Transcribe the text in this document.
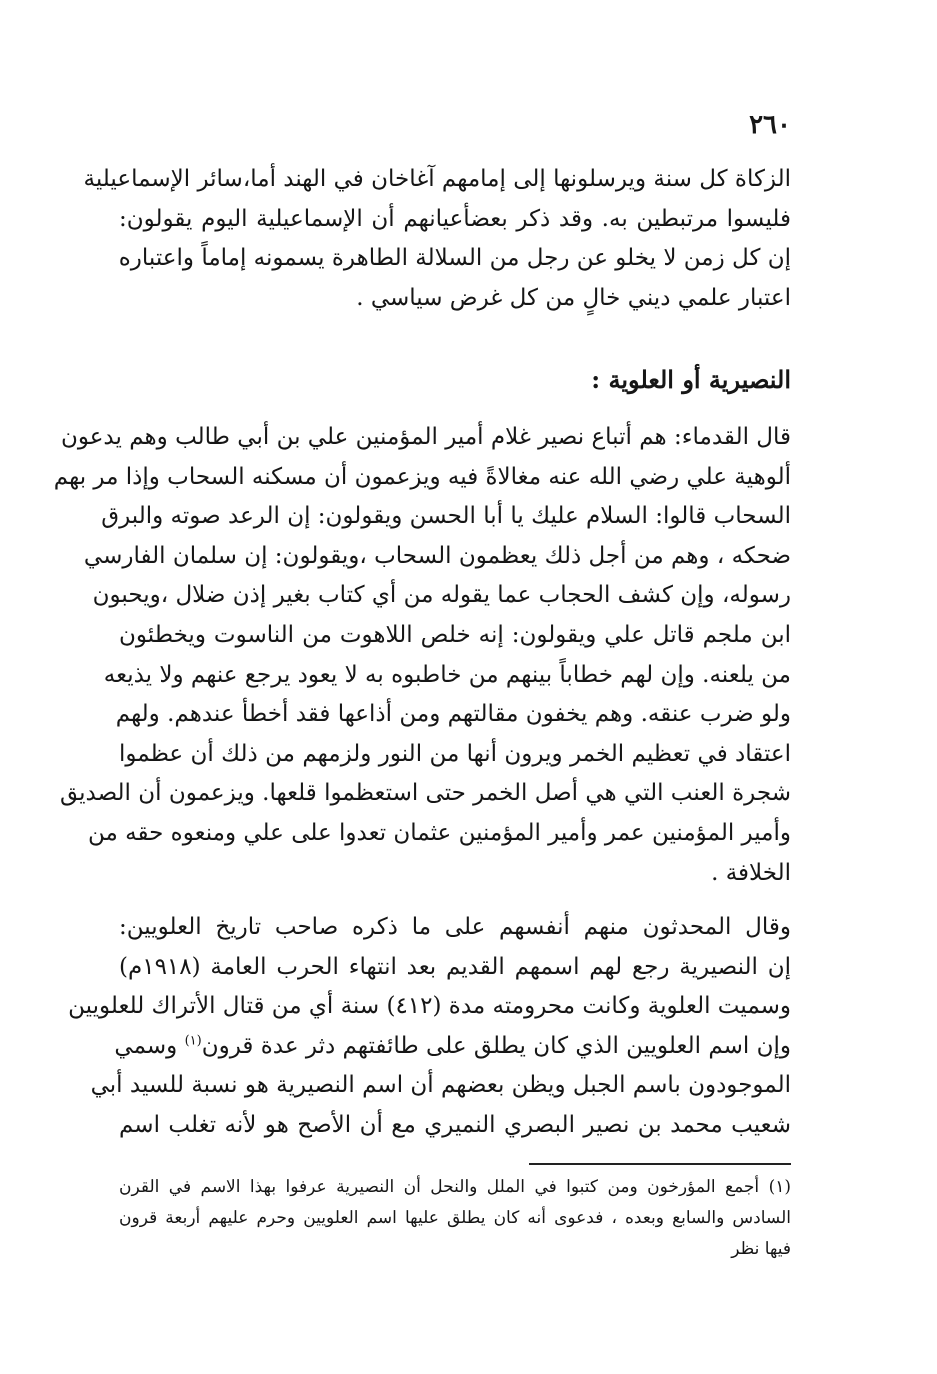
٢٦٠
الزكاة كل سنة ويرسلونها إلى إمامهم آغاخان في الهند أما،سائر الإسماعيلية
فليسوا مرتبطين به. وقد ذكر بعضأعيانهم أن الإسماعيلية اليوم يقولون:
إن كل زمن لا يخلو عن رجل من السلالة الطاهرة يسمونه إماماً واعتباره
اعتبار علمي ديني خالٍ من كل غرض سياسي .
النصيرية أو العلوية :
قال القدماء: هم أتباع نصير غلام أمير المؤمنين علي بن أبي طالب وهم يدعون
ألوهية علي رضي الله عنه مغالاةً فيه ويزعمون أن مسكنه السحاب وإذا مر بهم
السحاب قالوا: السلام عليك يا أبا الحسن ويقولون: إن الرعد صوته والبرق
ضحكه ، وهم من أجل ذلك يعظمون السحاب ،ويقولون: إن سلمان الفارسي
رسوله، وإن كشف الحجاب عما يقوله من أي كتاب بغير إذن ضلال ،ويحبون
ابن ملجم قاتل علي ويقولون: إنه خلص اللاهوت من الناسوت ويخطئون
من يلعنه. وإن لهم خطاباً بينهم من خاطبوه به لا يعود يرجع عنهم ولا يذيعه
ولو ضرب عنقه. وهم يخفون مقالتهم ومن أذاعها فقد أخطأ عندهم. ولهم
اعتقاد في تعظيم الخمر ويرون أنها من النور ولزمهم من ذلك أن عظموا
شجرة العنب التي هي أصل الخمر حتى استعظموا قلعها. ويزعمون أن الصديق
وأمير المؤمنين عمر وأمير المؤمنين عثمان تعدوا على علي ومنعوه حقه من
الخلافة .
وقال المحدثون منهم أنفسهم على ما ذكره صاحب تاريخ العلويين:
إن النصيرية رجع لهم اسمهم القديم بعد انتهاء الحرب العامة (١٩١٨م)
وسميت العلوية وكانت محرومته مدة (٤١٢) سنة أي من قتال الأتراك للعلويين
وإن اسم العلويين الذي كان يطلق على طائفتهم دثر عدة قرون$^{(١)}$ وسمي
الموجودون باسم الجبل ويظن بعضهم أن اسم النصيرية هو نسبة للسيد أبي
شعيب محمد بن نصير البصري النميري مع أن الأصح هو لأنه تغلب اسم
(١) أجمع المؤرخون ومن كتبوا في الملل والنحل أن النصيرية عرفوا بهذا الاسم في القرن
السادس والسابع وبعده ، فدعوى أنه كان يطلق عليها اسم العلويين وحرم عليهم أربعة قرون
فيها نظر
